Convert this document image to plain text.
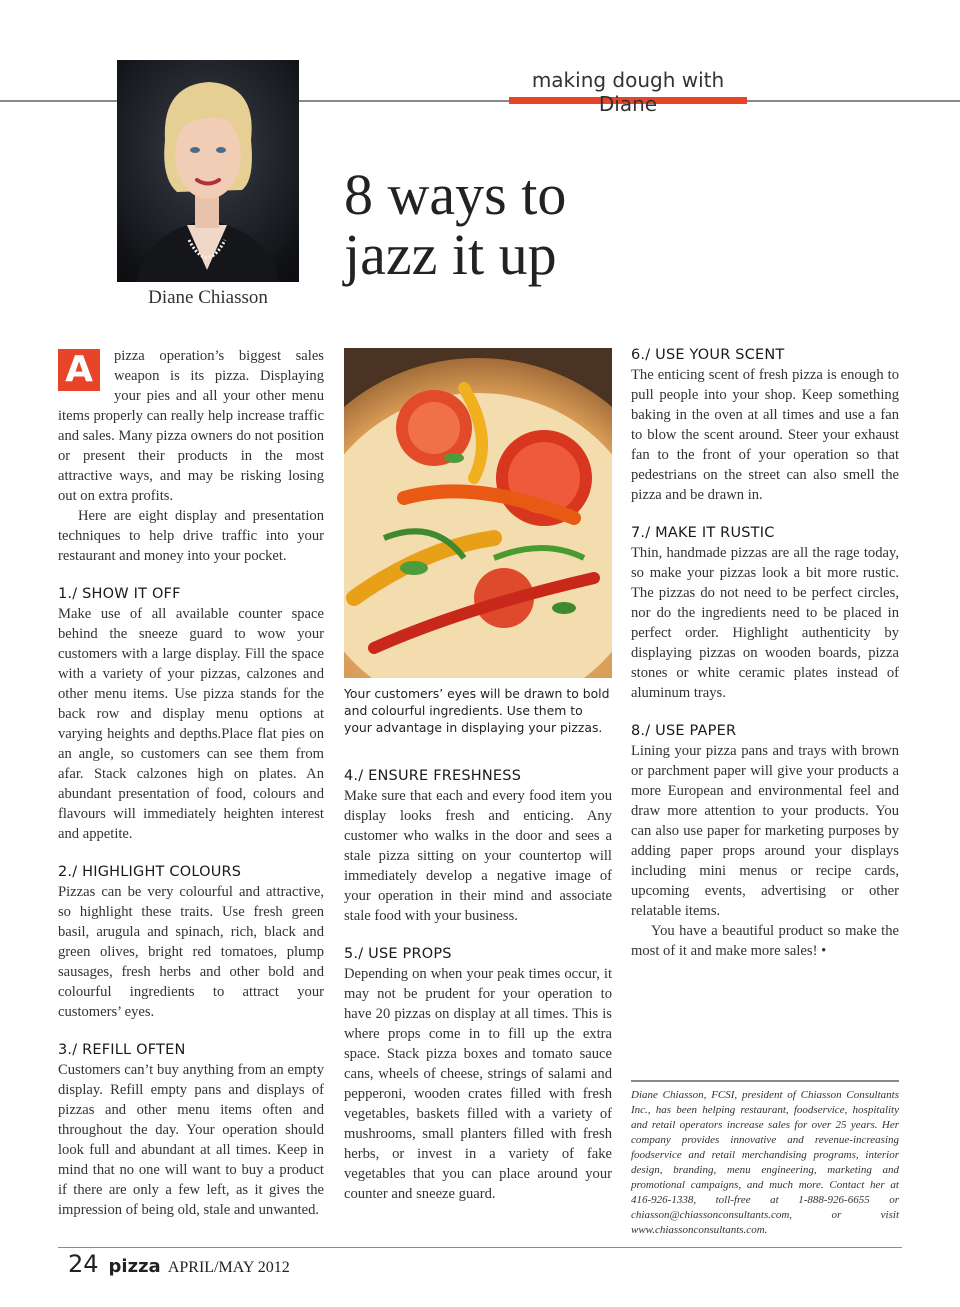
making dough with Diane
Diane Chiasson
8 ways to
jazz it up
A	pizza operation’s biggest sales weapon is its pizza. Displaying your pies and all your other menu items properly can really help increase traffic and sales. Many pizza owners do not position or present their products in the most attractive ways, and may be risking losing out on extra profits.

Here are eight display and presentation techniques to help drive traffic into your restaurant and money into your pocket.

1./ SHOW IT OFF

Make use of all available counter space behind the sneeze guard to wow your customers with a large display. Fill the space with a variety of your pizzas, calzones and other menu items. Use pizza stands for the back row and display menu options at varying heights and depths.Place flat pies on an angle, so customers can see them from afar. Stack calzones high on plates. An abundant presentation of food, colours and flavours will immediately heighten interest and appetite.

2./ HIGHLIGHT COLOURS

Pizzas can be very colourful and attractive, so highlight these traits. Use fresh green basil, arugula and spinach, rich, black and green olives, bright red tomatoes, plump sausages, fresh herbs and other bold and colourful ingredients to attract your customers’ eyes.

3./ REFILL OFTEN

Customers can’t buy anything from an empty display. Refill empty pans and displays of pizzas and other menu items often and throughout the day. Your operation should look full and abundant at all times. Keep in mind that no one will want to buy a product if there are only a few left, as it gives the impression of being old, stale and unwanted.

Your customers’ eyes will be drawn to bold and colourful ingredients. Use them to your advantage in displaying your pizzas.
4./ ENSURE FRESHNESS

Make sure that each and every food item you display looks fresh and enticing. Any customer who walks in the door and sees a stale pizza sitting on your countertop will immediately develop a negative image of your operation in their mind and associate stale food with your business.

5./ USE PROPS

Depending on when your peak times occur, it may not be prudent for your operation to have 20 pizzas on display at all times. This is where props come in to fill up the extra space. Stack pizza boxes and tomato sauce cans, wheels of cheese, strings of salami and pepperoni, wooden crates filled with fresh vegetables, baskets filled with a variety of mushrooms, small planters filled with fresh herbs, or invest in a variety of fake vegetables that you can place around your counter and sneeze guard.

6./ USE YOUR SCENT

The enticing scent of fresh pizza is enough to pull people into your shop. Keep something baking in the oven at all times and use a fan to blow the scent around. Steer your exhaust fan to the front of your operation so that pedestrians on the street can also smell the pizza and be drawn in.

7./ MAKE IT RUSTIC

Thin, handmade pizzas are all the rage today, so make your pizzas look a bit more rustic. The pizzas do not need to be perfect circles, nor do the ingredients need to be placed in perfect order. Highlight authenticity by displaying pizzas on wooden boards, pizza stones or white ceramic plates instead of aluminum trays.

8./ USE PAPER

Lining your pizza pans and trays with brown or parchment paper will give your products a more European and environmental feel and draw more attention to your products. You can also use paper for marketing purposes by adding paper props around your displays including mini menus or recipe cards, upcoming events, advertising or other relatable items.

You have a beautiful product so make the most of it and make more sales! •

Diane Chiasson, FCSI, president of Chiasson Consultants Inc., has been helping restaurant, foodservice, hospitality and retail operators increase sales for over 25 years. Her company provides innovative and revenue-increasing foodservice and retail merchandising programs, interior design, branding, menu engineering, marketing and promotional campaigns, and much more. Contact her at 416-926-1338, toll-free at 1-888-926-6655 or chiasson@chiassonconsultants.com, or visit www.chiassonconsultants.com.
24 pizza APRIL/MAY 2012
